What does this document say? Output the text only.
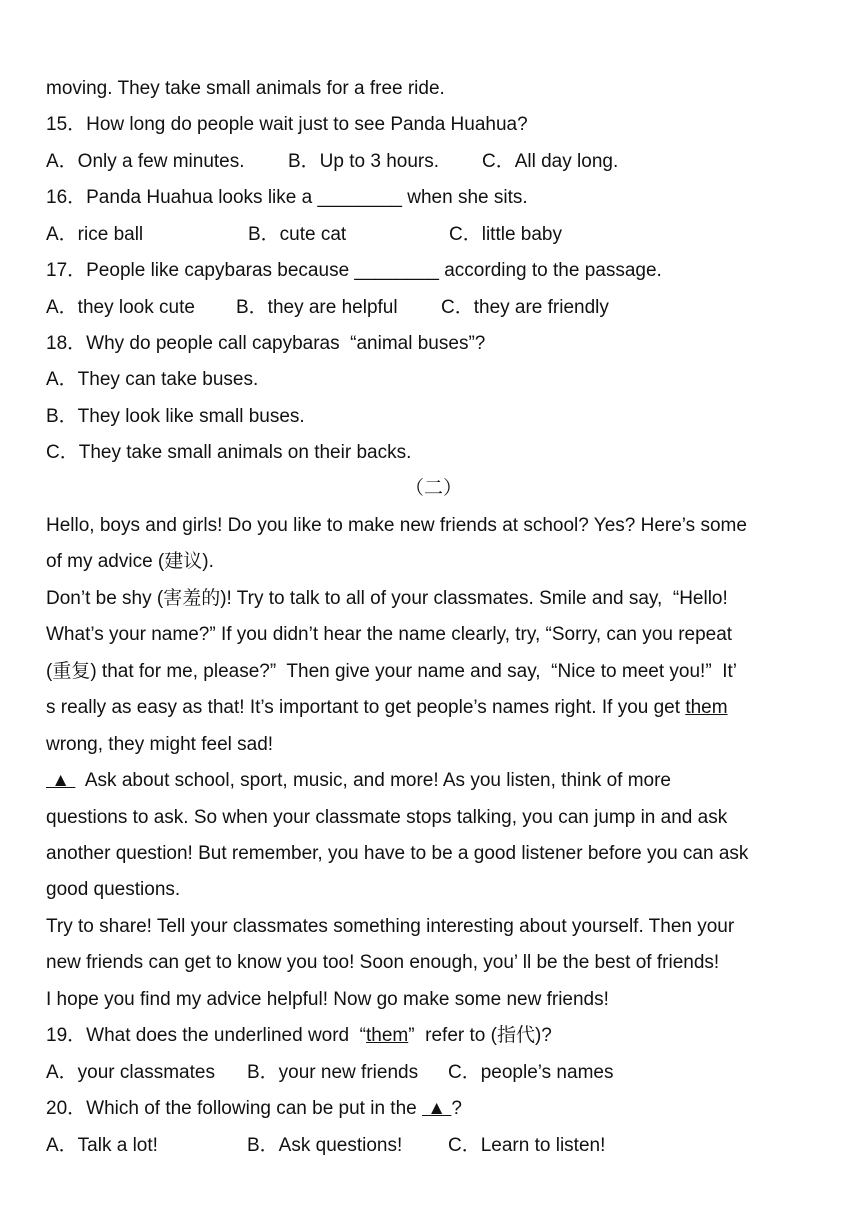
moving. They take small animals for a free ride.
15．How long do people wait just to see Panda Huahua?
A．Only a few minutes. B．Up to 3 hours. C．All day long.
16．Panda Huahua looks like a ________ when she sits.
A．rice ball	B．cute cat	C．little baby
17．People like capybaras because ________ according to the passage.
A．they look cute B．they are helpful C．they are friendly
18．Why do people call capybaras  “animal buses”?
A．They can take buses.
B．They look like small buses.
C．They take small animals on their backs.
（二）
Hello, boys and girls! Do you like to make new friends at school? Yes? Here’s some
of my advice (建议).
Don’t be shy (害羞的)! Try to talk to all of your classmates. Smile and say,  “Hello!
What’s your name?” If you didn’t hear the name clearly, try, “Sorry, can you repeat
(重复) that for me, please?”  Then give your name and say,  “Nice to meet you!”  It’
s really as easy as that! It’s important to get people’s names right. If you get them
wrong, they might feel sad!
▲   Ask about school, sport, music, and more! As you listen, think of more
questions to ask. So when your classmate stops talking, you can jump in and ask
another question! But remember, you have to be a good listener before you can ask
good questions.
Try to share! Tell your classmates something interesting about yourself. Then your
new friends can get to know you too! Soon enough, you’ ll be the best of friends!
I hope you find my advice helpful! Now go make some new friends!
19．What does the underlined word  “them”  refer to (指代)?
A．your classmates B．your new friends C．people’s names
20．Which of the following can be put in the  ▲ ?
A．Talk a lot!	B．Ask questions! C．Learn to listen!
